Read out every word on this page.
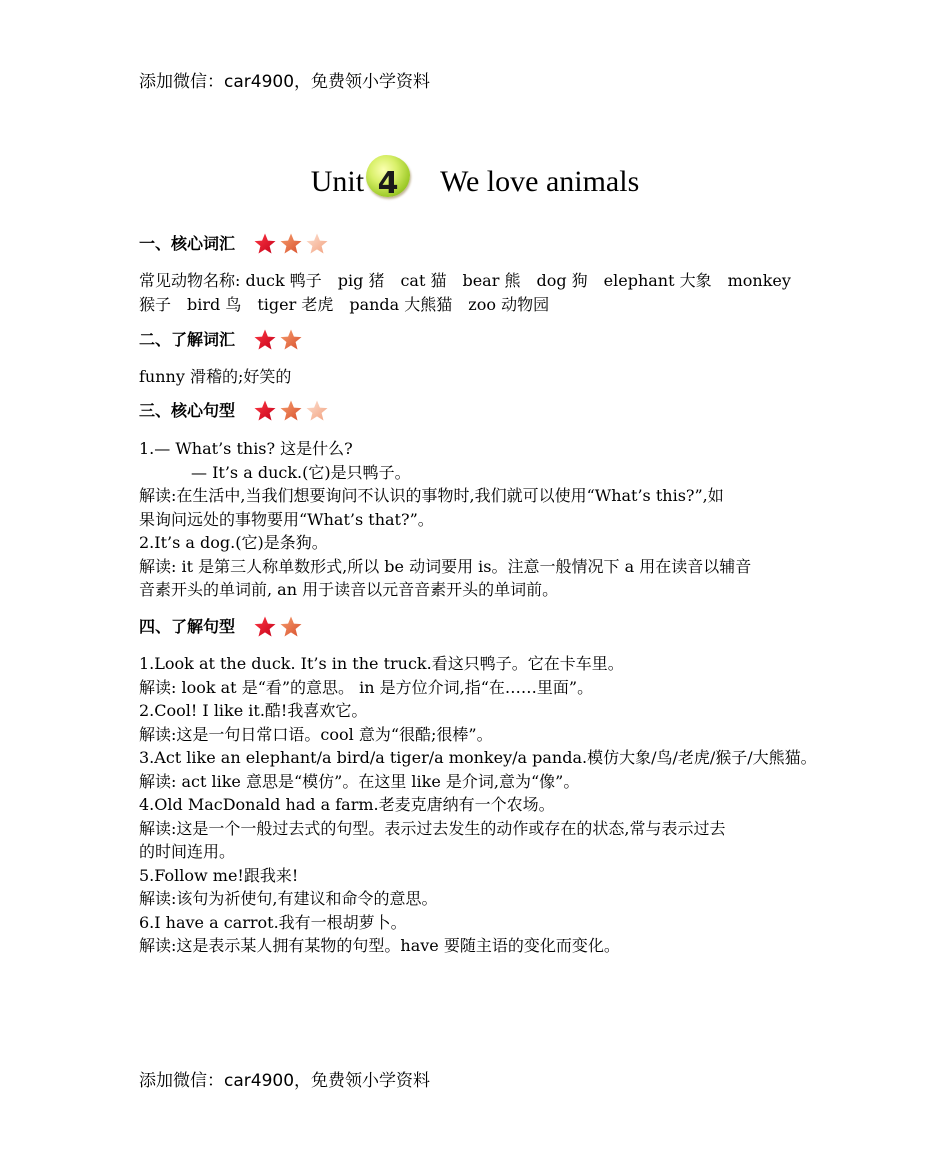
添加微信：car4900，免费领小学资料
Unit 4	We love animals
一、核心词汇
常见动物名称: duck 鸭子　pig 猪　cat 猫　bear 熊　dog 狗　elephant 大象　monkey
猴子　bird 鸟　tiger 老虎　panda 大熊猫　zoo 动物园
二、了解词汇
funny 滑稽的;好笑的
三、核心句型
1.— What’s this? 这是什么?
— It’s a duck.(它)是只鸭子。
解读:在生活中,当我们想要询问不认识的事物时,我们就可以使用“What’s this?”,如
果询问远处的事物要用“What’s that?”。
2.It’s a dog.(它)是条狗。
解读: it 是第三人称单数形式,所以 be 动词要用 is。注意一般情况下 a 用在读音以辅音
音素开头的单词前, an 用于读音以元音音素开头的单词前。
四、了解句型
1.Look at the duck. It’s in the truck.看这只鸭子。它在卡车里。
解读: look at 是“看”的意思。 in 是方位介词,指“在……里面”。
2.Cool! I like it.酷!我喜欢它。
解读:这是一句日常口语。cool 意为“很酷;很棒”。
3.Act like an elephant/a bird/a tiger/a monkey/a panda.模仿大象/鸟/老虎/猴子/大熊猫。
解读: act like 意思是“模仿”。在这里 like 是介词,意为“像”。
4.Old MacDonald had a farm.老麦克唐纳有一个农场。
解读:这是一个一般过去式的句型。表示过去发生的动作或存在的状态,常与表示过去
的时间连用。
5.Follow me!跟我来!
解读:该句为祈使句,有建议和命令的意思。
6.I have a carrot.我有一根胡萝卜。
解读:这是表示某人拥有某物的句型。have 要随主语的变化而变化。
添加微信：car4900，免费领小学资料
